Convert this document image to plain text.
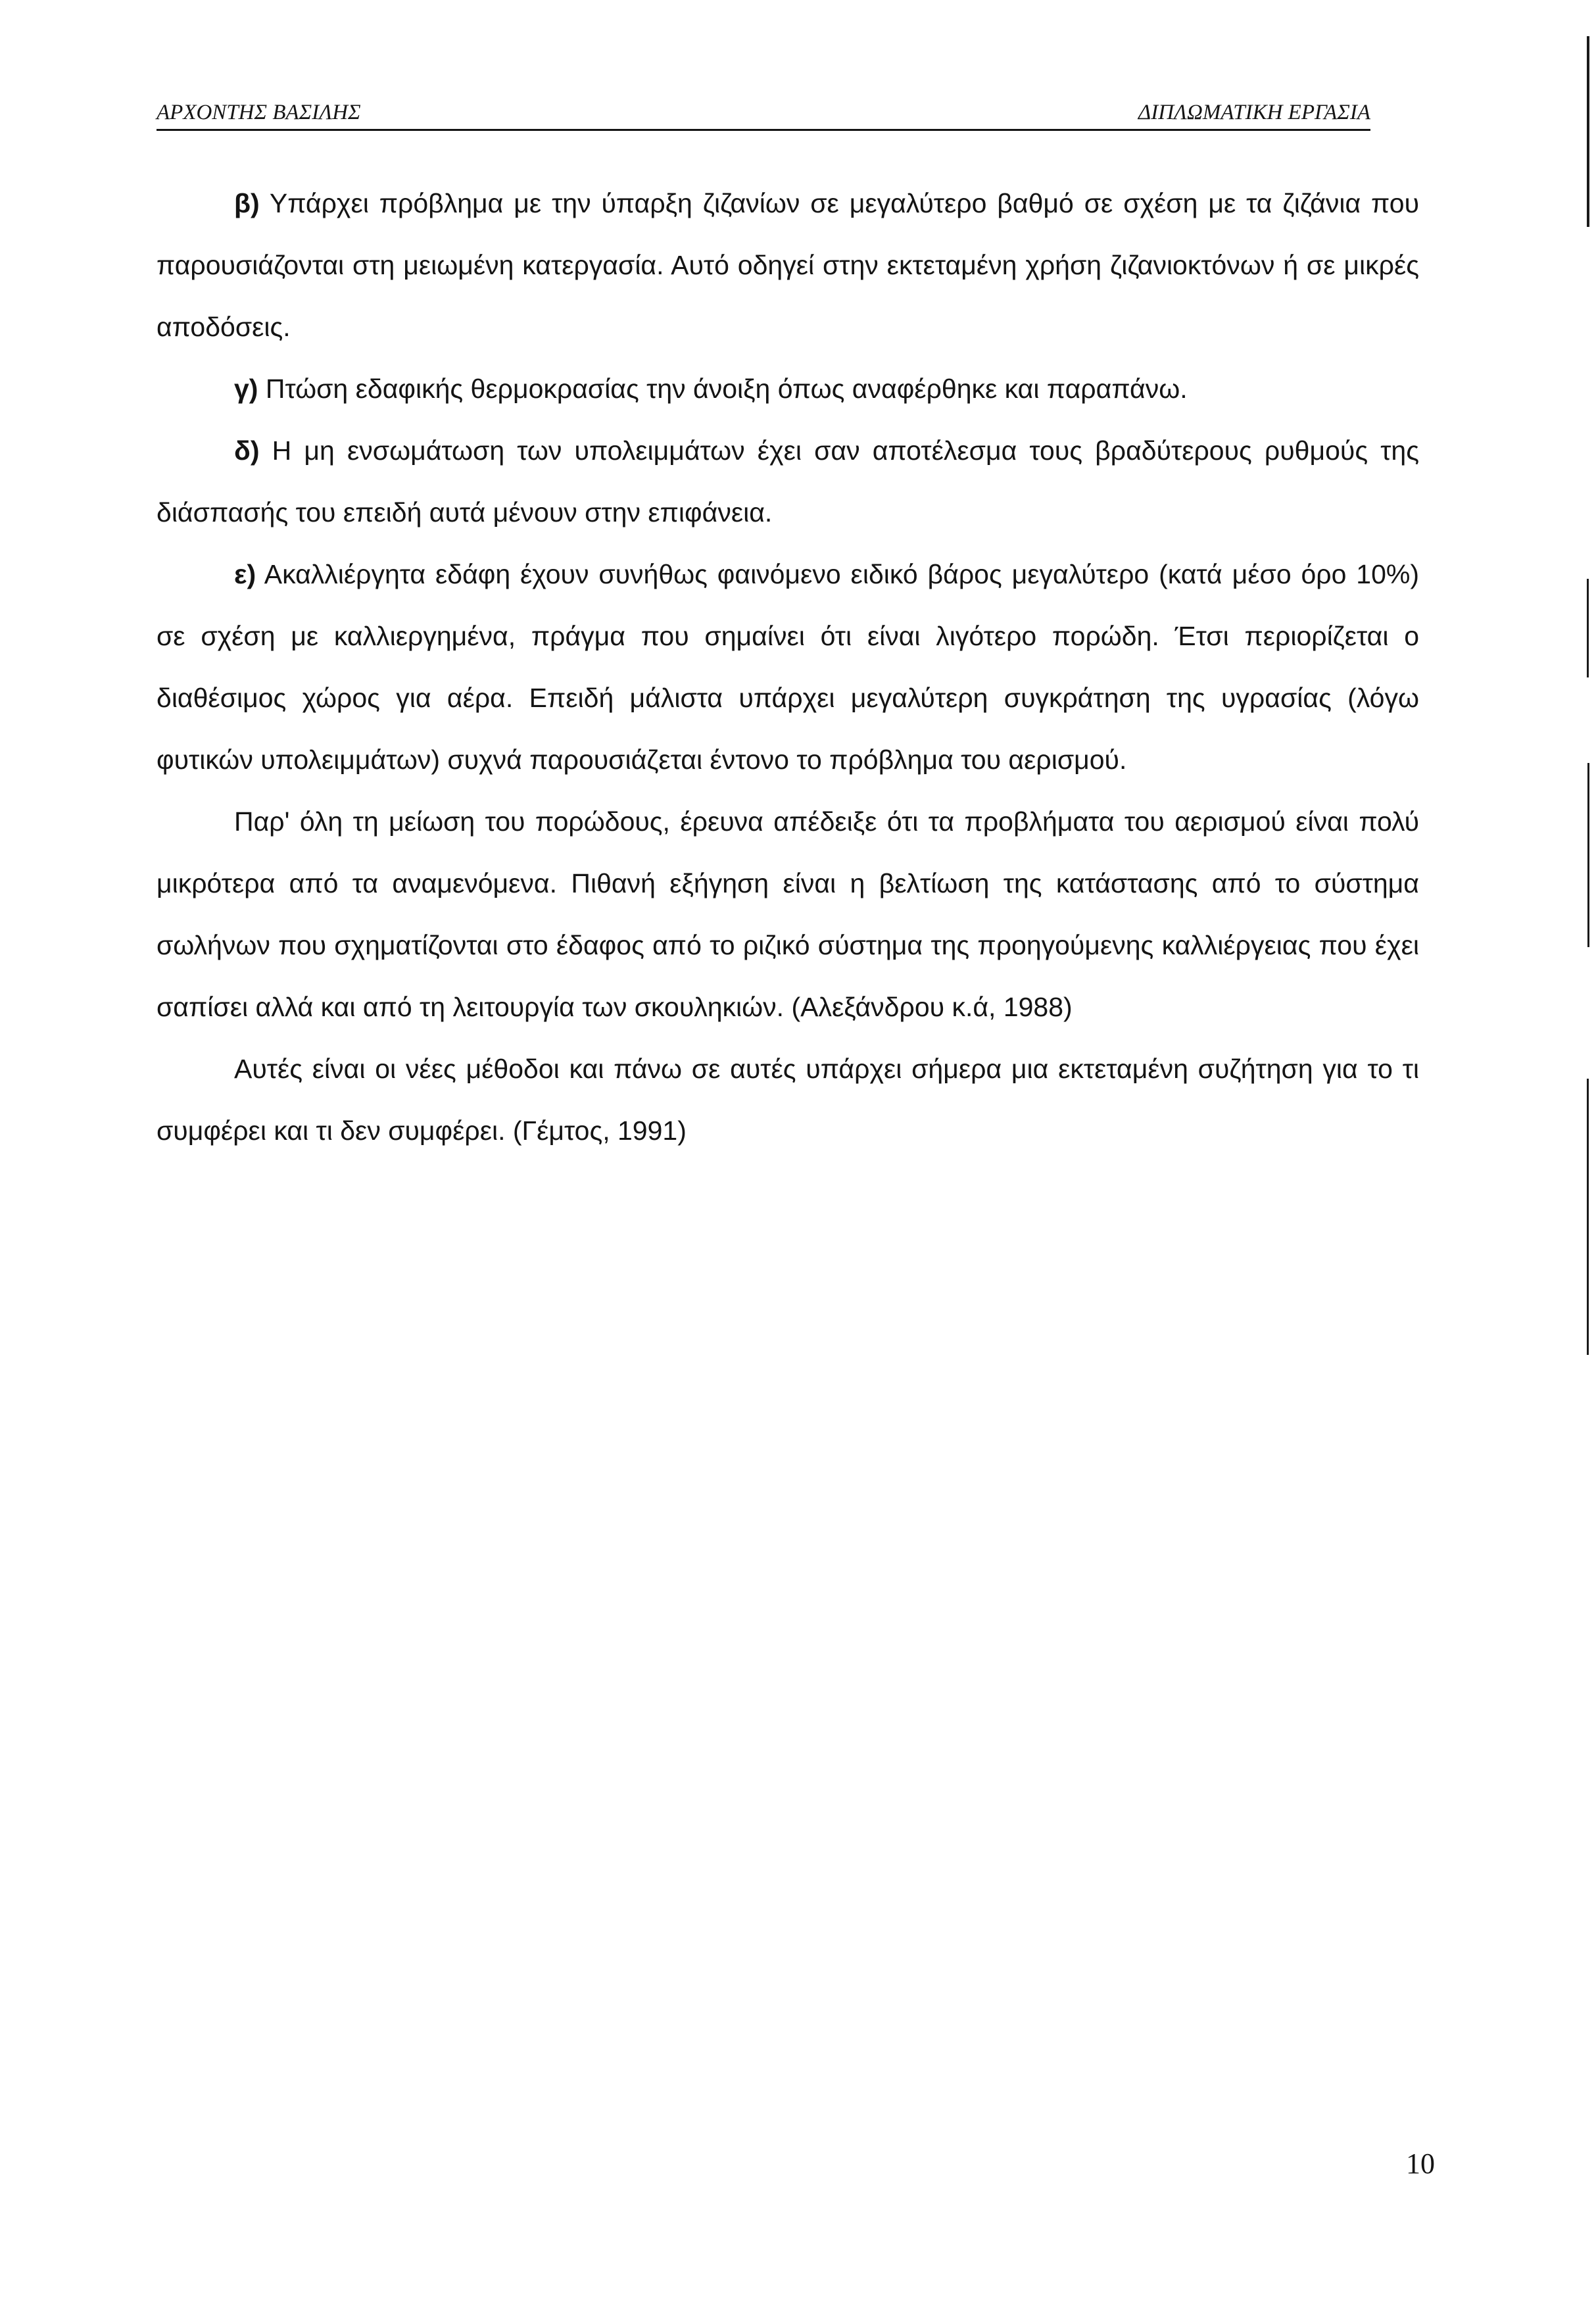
ΑΡΧΟΝΤΗΣ ΒΑΣΙΛΗΣ	ΔΙΠΛΩΜΑΤΙΚΗ ΕΡΓΑΣΙΑ

β) Υπάρχει πρόβλημα με την ύπαρξη ζιζανίων σε μεγαλύτερο βαθμό σε σχέση με τα ζιζάνια που παρουσιάζονται στη μειωμένη κατεργασία. Αυτό οδηγεί στην εκτεταμένη χρήση ζιζανιοκτόνων ή σε μικρές αποδόσεις.

γ) Πτώση εδαφικής θερμοκρασίας την άνοιξη όπως αναφέρθηκε και παραπάνω.

δ) Η μη ενσωμάτωση των υπολειμμάτων έχει σαν αποτέλεσμα τους βραδύτερους ρυθμούς της διάσπασής του επειδή αυτά μένουν στην επιφάνεια.

ε) Ακαλλιέργητα εδάφη έχουν συνήθως φαινόμενο ειδικό βάρος μεγαλύτερο (κατά μέσο όρο 10%) σε σχέση με καλλιεργημένα, πράγμα που σημαίνει ότι είναι λιγότερο πορώδη. Έτσι περιορίζεται ο διαθέσιμος χώρος για αέρα. Επειδή μάλιστα υπάρχει μεγαλύτερη συγκράτηση της υγρασίας (λόγω φυτικών υπολειμμάτων) συχνά παρουσιάζεται έντονο το πρόβλημα του αερισμού.

Παρ' όλη τη μείωση του πορώδους, έρευνα απέδειξε ότι τα προβλήματα του αερισμού είναι πολύ μικρότερα από τα αναμενόμενα. Πιθανή εξήγηση είναι η βελτίωση της κατάστασης από το σύστημα σωλήνων που σχηματίζονται στο έδαφος από το ριζικό σύστημα της προηγούμενης καλλιέργειας που έχει σαπίσει αλλά και από τη λειτουργία των σκουληκιών. (Αλεξάνδρου κ.ά, 1988)

Αυτές είναι οι νέες μέθοδοι και πάνω σε αυτές υπάρχει σήμερα μια εκτεταμένη συζήτηση για το τι συμφέρει και τι δεν συμφέρει. (Γέμτος, 1991)

10
